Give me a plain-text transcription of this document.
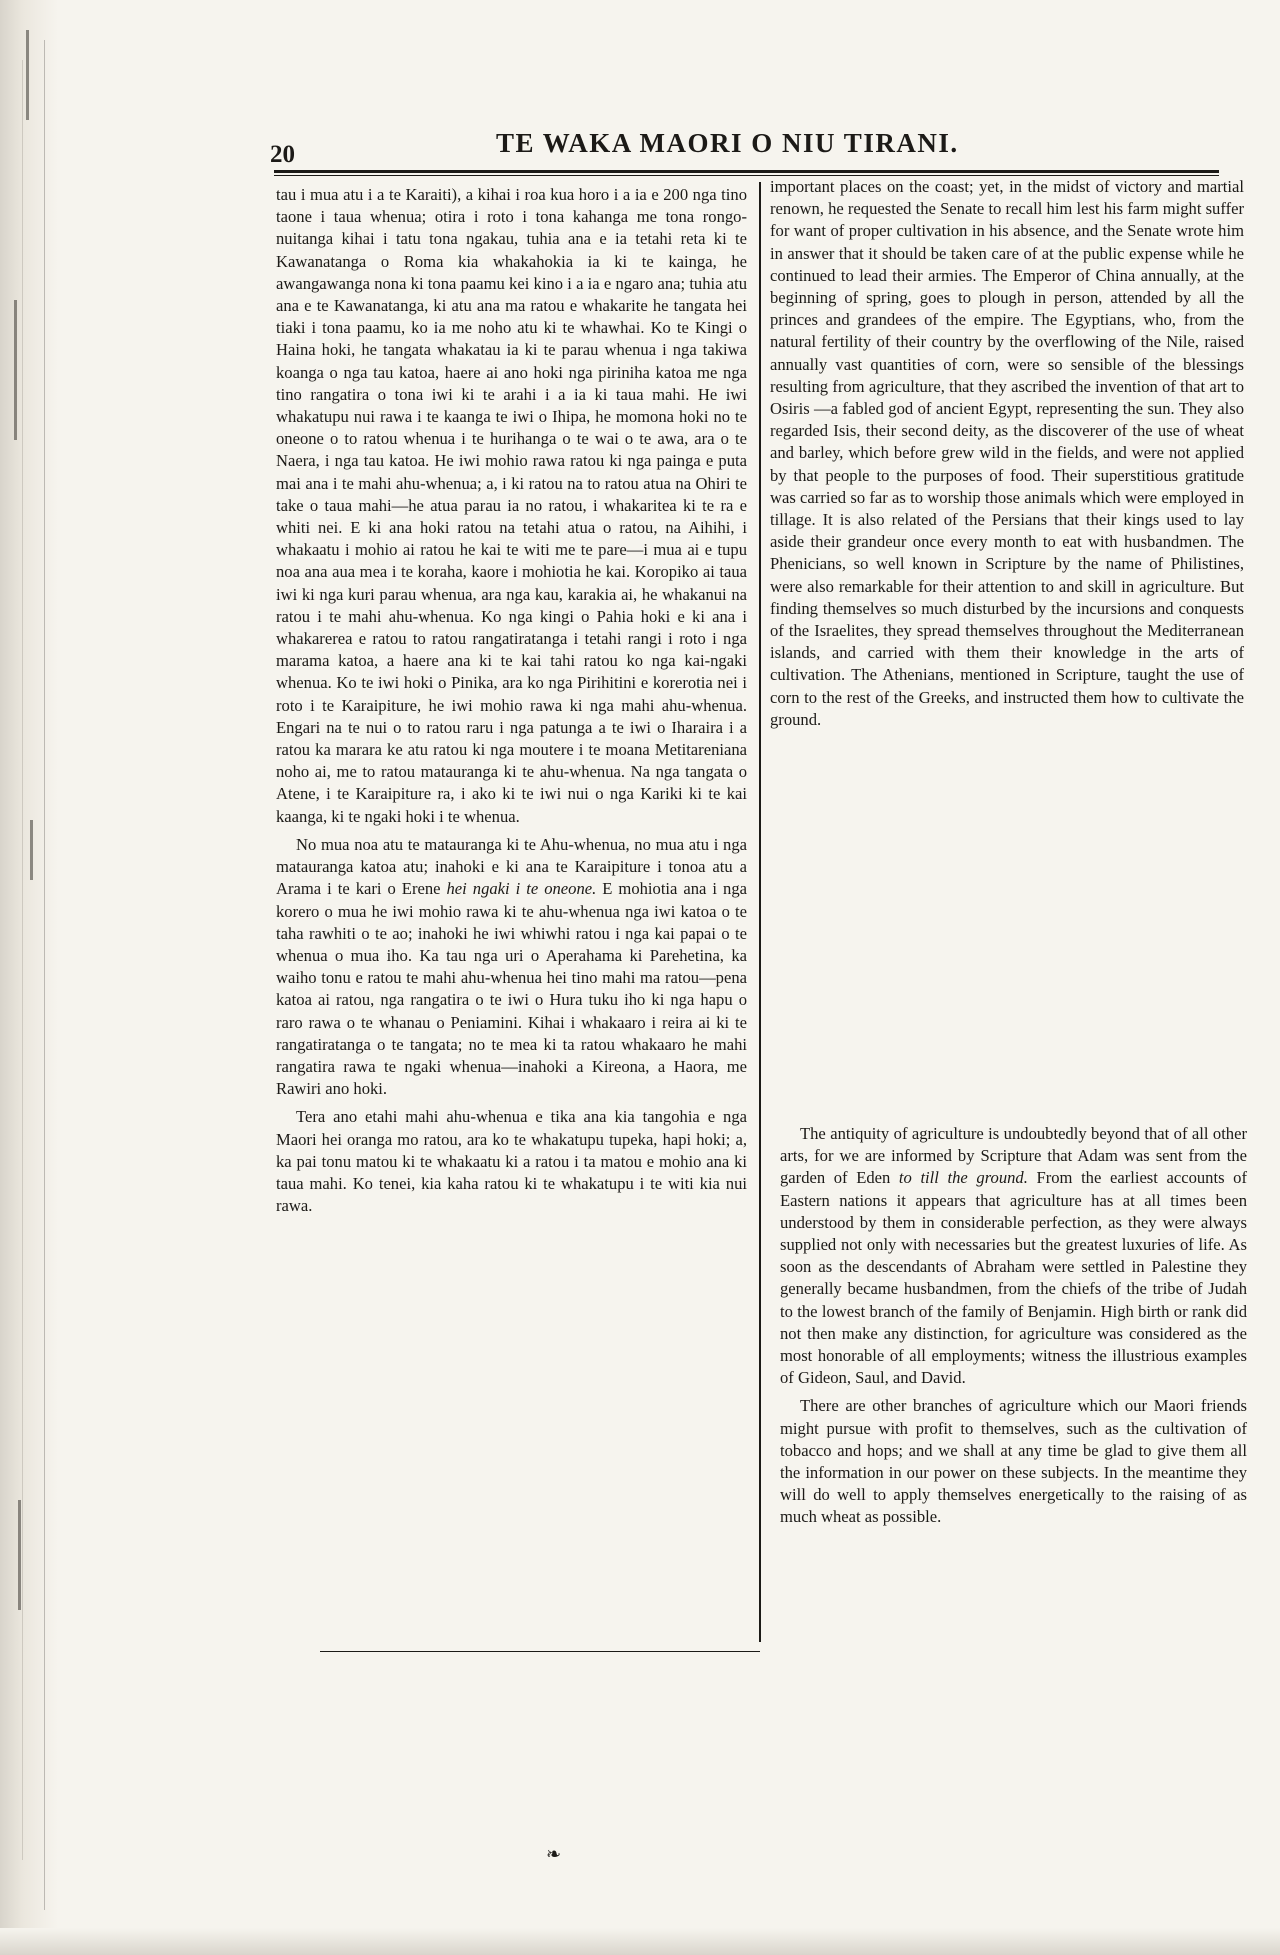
20	TE WAKA MAORI O NIU TIRANI.

tau i mua atu i a te Karaiti), a kihai i roa kua horo i a ia e 200 nga tino taone i taua whenua; otira i roto i tona kahanga me tona rongo-nuitanga kihai i tatu tona ngakau, tuhia ana e ia tetahi reta ki te Kawanatanga o Roma kia whakahokia ia ki te kainga, he awangawanga nona ki tona paamu kei kino i a ia e ngaro ana; tuhia atu ana e te Kawanatanga, ki atu ana ma ratou e whakarite he tangata hei tiaki i tona paamu, ko ia me noho atu ki te whawhai. Ko te Kingi o Haina hoki, he tangata whakatau ia ki te parau whenua i nga takiwa koanga o nga tau katoa, haere ai ano hoki nga piriniha katoa me nga tino rangatira o tona iwi ki te arahi i a ia ki taua mahi. He iwi whakatupu nui rawa i te kaanga te iwi o Ihipa, he momona hoki no te oneone o to ratou whenua i te hurihanga o te wai o te awa, ara o te Naera, i nga tau katoa. He iwi mohio rawa ratou ki nga painga e puta mai ana i te mahi ahu-whenua; a, i ki ratou na to ratou atua na Ohiri te take o taua mahi—he atua parau ia no ratou, i whakaritea ki te ra e whiti nei. E ki ana hoki ratou na tetahi atua o ratou, na Aihihi, i whakaatu i mohio ai ratou he kai te witi me te pare—i mua ai e tupu noa ana aua mea i te koraha, kaore i mohiotia he kai. Koropiko ai taua iwi ki nga kuri parau whenua, ara nga kau, karakia ai, he whakanui na ratou i te mahi ahu-whenua. Ko nga kingi o Pahia hoki e ki ana i whakarerea e ratou to ratou rangatiratanga i tetahi rangi i roto i nga marama katoa, a haere ana ki te kai tahi ratou ko nga kai-ngaki whenua. Ko te iwi hoki o Pinika, ara ko nga Pirihitini e korerotia nei i roto i te Karaipiture, he iwi mohio rawa ki nga mahi ahu-whenua. Engari na te nui o to ratou raru i nga patunga a te iwi o Iharaira i a ratou ka marara ke atu ratou ki nga moutere i te moana Metitareniana noho ai, me to ratou matauranga ki te ahu-whenua. Na nga tangata o Atene, i te Karaipiture ra, i ako ki te iwi nui o nga Kariki ki te kai kaanga, ki te ngaki hoki i te whenua.

No mua noa atu te matauranga ki te Ahu-whenua, no mua atu i nga matauranga katoa atu; inahoki e ki ana te Karaipiture i tonoa atu a Arama i te kari o Erene hei ngaki i te oneone. E mohiotia ana i nga korero o mua he iwi mohio rawa ki te ahu-whenua nga iwi katoa o te taha rawhiti o te ao; inahoki he iwi whiwhi ratou i nga kai papai o te whenua o mua iho. Ka tau nga uri o Aperahama ki Parehetina, ka waiho tonu e ratou te mahi ahu-whenua hei tino mahi ma ratou—pena katoa ai ratou, nga rangatira o te iwi o Hura tuku iho ki nga hapu o raro rawa o te whanau o Peniamini. Kihai i whakaaro i reira ai ki te rangatiratanga o te tangata; no te mea ki ta ratou whakaaro he mahi rangatira rawa te ngaki whenua—inahoki a Kireona, a Haora, me Rawiri ano hoki.

Tera ano etahi mahi ahu-whenua e tika ana kia tangohia e nga Maori hei oranga mo ratou, ara ko te whakatupu tupeka, hapi hoki; a, ka pai tonu matou ki te whakaatu ki a ratou i ta matou e mohio ana ki taua mahi. Ko tenei, kia kaha ratou ki te whakatupu i te witi kia nui rawa.

important places on the coast; yet, in the midst of victory and martial renown, he requested the Senate to recall him lest his farm might suffer for want of proper cultivation in his absence, and the Senate wrote him in answer that it should be taken care of at the public expense while he continued to lead their armies. The Emperor of China annually, at the beginning of spring, goes to plough in person, attended by all the princes and grandees of the empire. The Egyptians, who, from the natural fertility of their country by the overflowing of the Nile, raised annually vast quantities of corn, were so sensible of the blessings resulting from agriculture, that they ascribed the invention of that art to Osiris —a fabled god of ancient Egypt, representing the sun. They also regarded Isis, their second deity, as the discoverer of the use of wheat and barley, which before grew wild in the fields, and were not applied by that people to the purposes of food. Their superstitious gratitude was carried so far as to worship those animals which were employed in tillage. It is also related of the Persians that their kings used to lay aside their grandeur once every month to eat with husbandmen. The Phenicians, so well known in Scripture by the name of Philistines, were also remarkable for their attention to and skill in agriculture. But finding themselves so much disturbed by the incursions and conquests of the Israelites, they spread themselves throughout the Mediterranean islands, and carried with them their knowledge in the arts of cultivation. The Athenians, mentioned in Scripture, taught the use of corn to the rest of the Greeks, and instructed them how to cultivate the ground.

The antiquity of agriculture is undoubtedly beyond that of all other arts, for we are informed by Scripture that Adam was sent from the garden of Eden to till the ground. From the earliest accounts of Eastern nations it appears that agriculture has at all times been understood by them in considerable perfection, as they were always supplied not only with necessaries but the greatest luxuries of life. As soon as the descendants of Abraham were settled in Palestine they generally became husbandmen, from the chiefs of the tribe of Judah to the lowest branch of the family of Benjamin. High birth or rank did not then make any distinction, for agriculture was considered as the most honorable of all employments; witness the illustrious examples of Gideon, Saul, and David.

There are other branches of agriculture which our Maori friends might pursue with profit to themselves, such as the cultivation of tobacco and hops; and we shall at any time be glad to give them all the information in our power on these subjects. In the meantime they will do well to apply themselves energetically to the raising of as much wheat as possible.

❧
